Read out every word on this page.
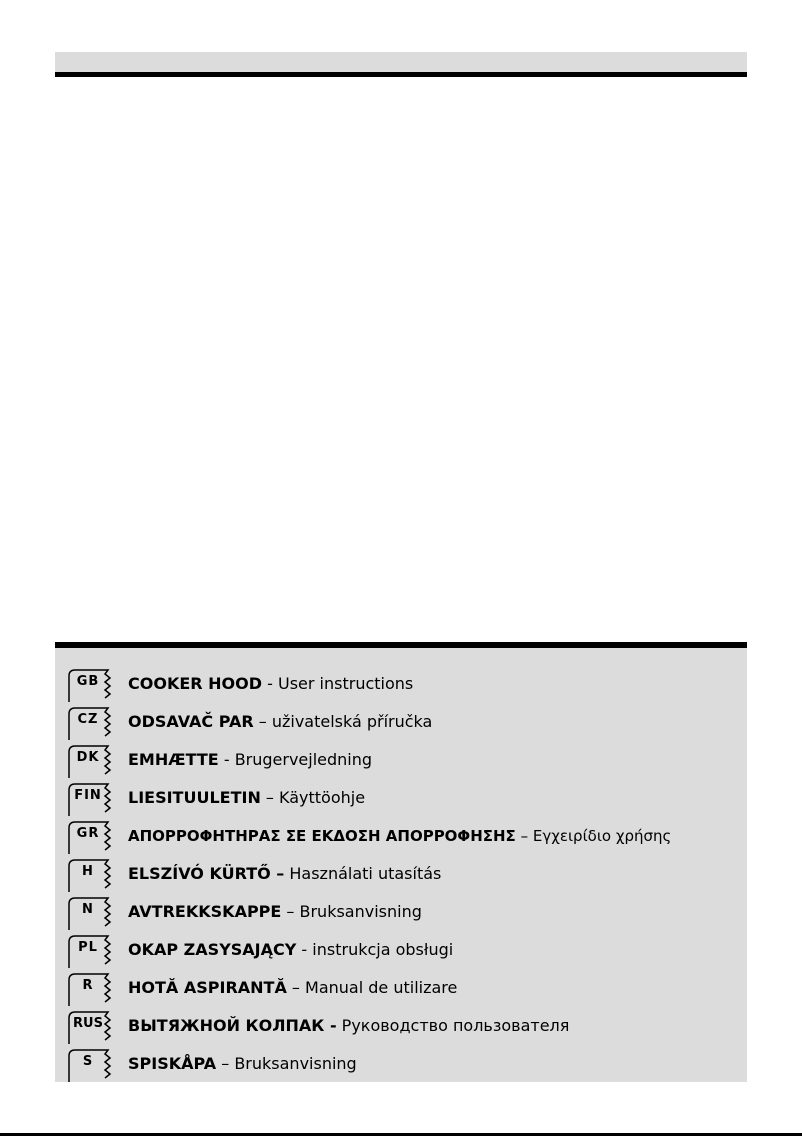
GB	COOKER HOOD - User instructions
CZ	ODSAVAČ PAR – uživatelská příručka
DK	EMHÆTTE - Brugervejledning
FIN	LIESITUULETIN – Käyttöohje
GR	ΑΠΟΡΡΟΦΗΤΗΡΑΣ ΣΕ ΕΚΔΟΣΗ ΑΠΟΡΡΟΦΗΣΗΣ – Εγχειρίδιο χρήσης
H	ELSZÍVÓ KÜRTŐ – Használati utasítás
N	AVTREKKSKAPPE – Bruksanvisning
PL	OKAP ZASYSAJĄCY - instrukcja obsługi
R	HOTĂ ASPIRANTĂ – Manual de utilizare
RUS ВЫТЯЖНОЙ КОЛПАК - Руководство пользователя
S	SPISKÅPA – Bruksanvisning
